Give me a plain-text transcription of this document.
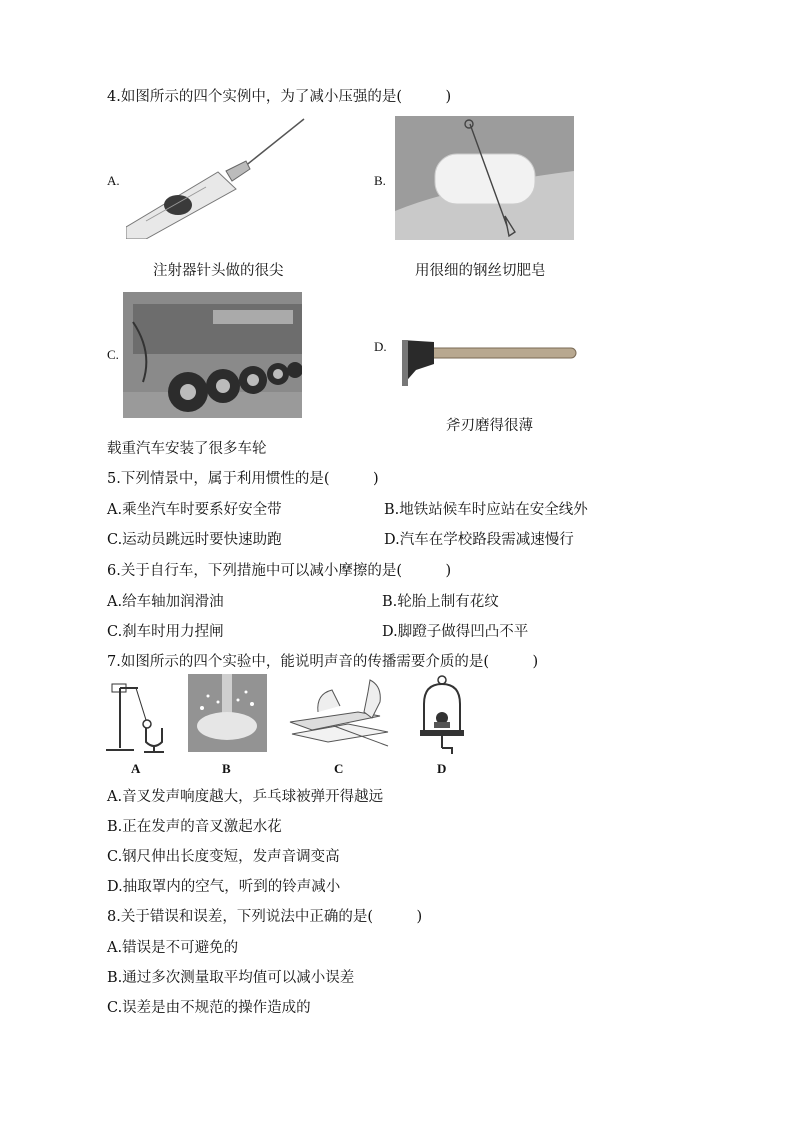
4.如图所示的四个实例中，为了减小压强的是(　　　)
A.
注射器针头做的很尖
B.
用很细的钢丝切肥皂
C.
载重汽车安装了很多车轮
D.
斧刃磨得很薄
5.下列情景中，属于利用惯性的是(　　　)
A.乘坐汽车时要系好安全带	B.地铁站候车时应站在安全线外
C.运动员跳远时要快速助跑	D.汽车在学校路段需减速慢行
6.关于自行车，下列措施中可以减小摩擦的是(　　　)
A.给车轴加润滑油	B.轮胎上制有花纹
C.刹车时用力捏闸	D.脚蹬子做得凹凸不平
7.如图所示的四个实验中，能说明声音的传播需要介质的是(　　　)
A	B	C	D
A.音叉发声响度越大，乒乓球被弹开得越远
B.正在发声的音叉激起水花
C.钢尺伸出长度变短，发声音调变高
D.抽取罩内的空气，听到的铃声减小
8.关于错误和误差，下列说法中正确的是(　　　)
A.错误是不可避免的
B.通过多次测量取平均值可以减小误差
C.误差是由不规范的操作造成的
